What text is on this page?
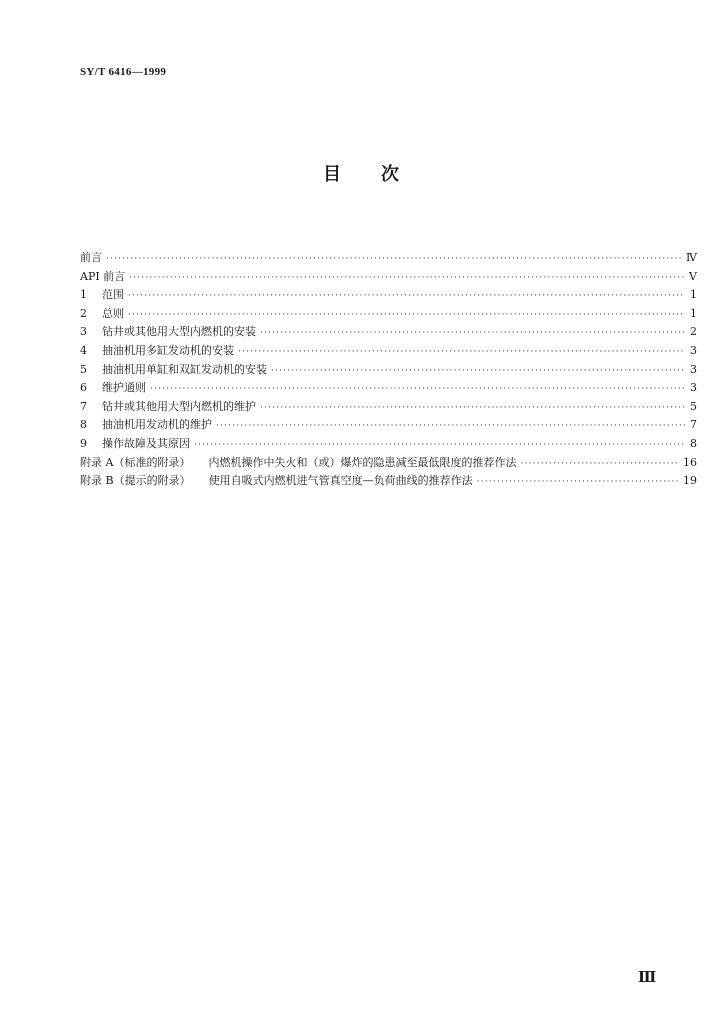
SY/T 6416—1999
目 次
前言 ·····	Ⅳ
API 前言 ·····	Ⅴ
1	范围 ·····	1
2	总则 ·····	1
3	钻井或其他用大型内燃机的安装 ·····	2
4	抽油机用多缸发动机的安装 ·····	3
5	抽油机用单缸和双缸发动机的安装 ·····	3
6	维护通则 ·····	3
7	钻井或其他用大型内燃机的维护 ·····	5
8	抽油机用发动机的维护 ·····	7
9	操作故障及其原因 ·····	8
附录 A（标准的附录） 内燃机操作中失火和（或）爆炸的隐患减至最低限度的推荐作法 ·····	16
附录 B（提示的附录） 使用自吸式内燃机进气管真空度—负荷曲线的推荐作法 ·····	19
Ⅲ
